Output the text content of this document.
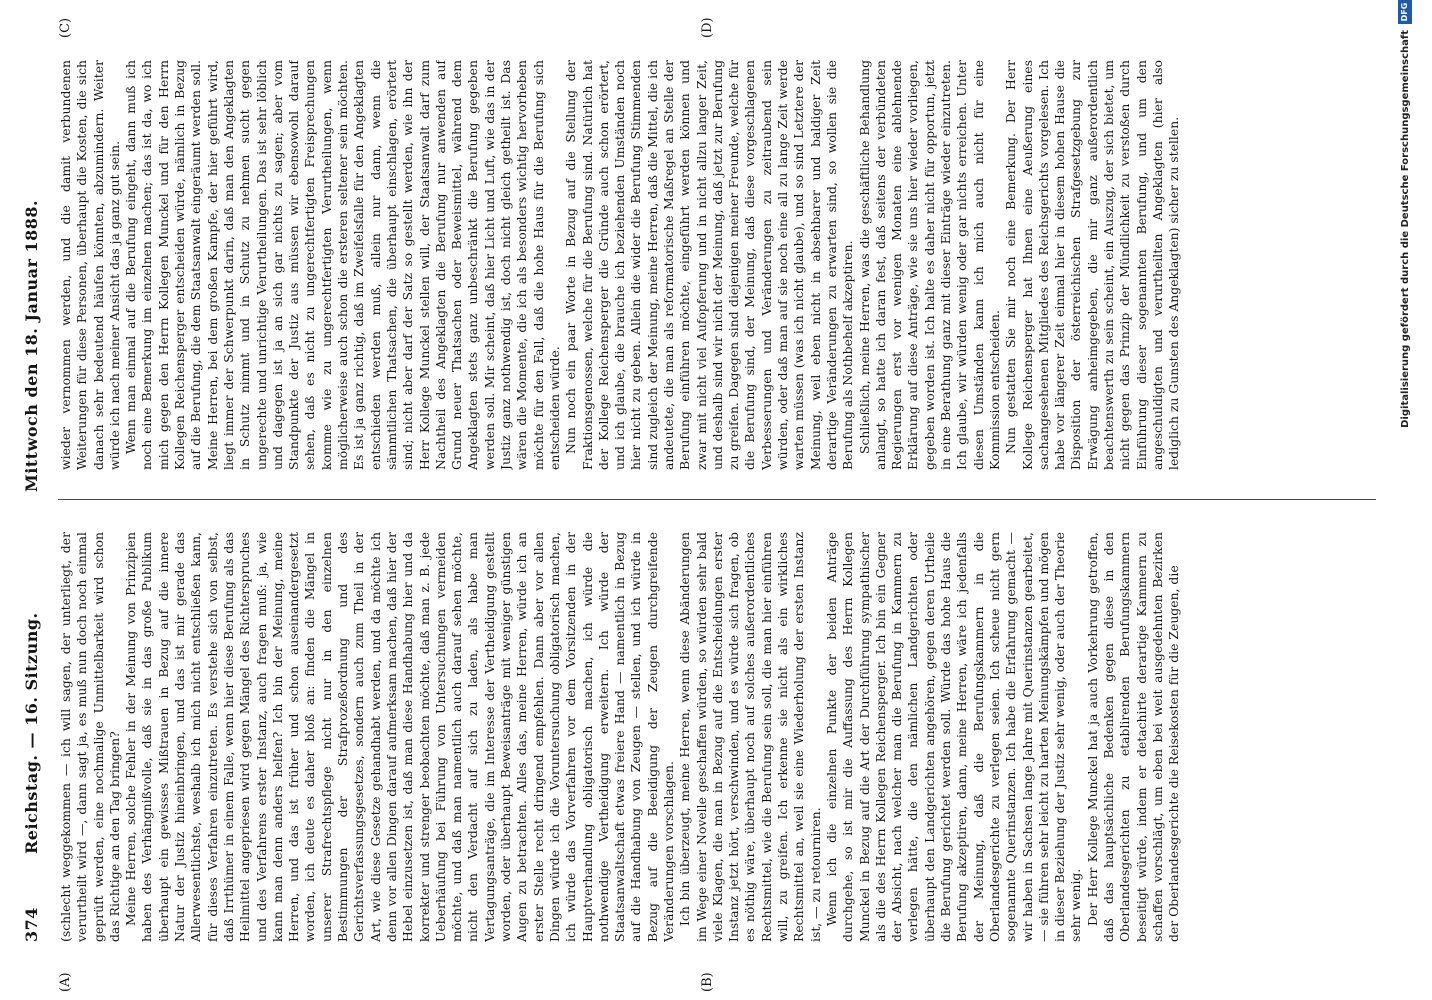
374
Reichstag. — 16. Sitzung.
Mittwoch den 18. Januar 1888.

(schlecht weggekommen — ich will sagen, der unterliegt, der verurtheilt wird —, dann sagt ja, es muß nun doch noch einmal geprüft werden, eine nochmalige Unmittelbarkeit wird schon das Richtige an den Tag bringen? Meine Herren, solche Fehler in der Meinung von Prinzipien haben des Verhängnißvolle, daß sie in das große Publikum überhaupt ein gewisses Mißtrauen in Bezug auf die innere Natur der Justiz hineinbringen, und das ist mir gerade das Allerwesentlichste, weshalb ich mich nicht entschließen kann, für dieses Verfahren einzutreten. Es verstehe sich von selbst, daß Irrthümer in einem Falle, wenn hier diese Berufung als das Heilmittel angepriesen wird gegen Mängel des Richterspruches und des Verfahrens erster Instanz, auch fragen muß: ja, wie kann man denn anders helfen? Ich bin der Meinung, meine Herren, und das ist früher und schon auseinandergesetzt worden, ich deute es daher bloß an: finden die Mängel in unserer Strafrechtspflege nicht nur in den einzelnen Bestimmungen der Strafprozeßordnung und des Gerichtsverfassungsgesetzes, sondern auch zum Theil in der Art, wie diese Gesetze gehandhabt werden, und da möchte ich denn vor allen Dingen darauf aufmerksam machen, daß hier der Hebel einzusetzen ist, daß man diese Handhabung hier und da korrekter und strenger beobachten möchte, daß man z. B. jede Ueberhäufung bei Führung von Untersuchungen vermeiden möchte, und daß man namentlich auch darauf sehen möchte, nicht den Verdacht auf sich zu laden, als habe man Vertagungsanträge, die im Interesse der Vertheidigung gestellt worden, oder überhaupt Beweisanträge mit weniger günstigen Augen zu betrachten. Alles das, meine Herren, würde ich an erster Stelle recht dringend empfehlen. Dann aber vor allen Dingen würde ich die Voruntersuchung obligatorisch machen, ich würde das Vorverfahren vor dem Vorsitzenden in der Hauptverhandlung obligatorisch machen, ich würde die nothwendige Vertheidigung erweitern. Ich würde der Staatsanwaltschaft etwas freiere Hand — namentlich in Bezug auf die Handhabung von Zeugen — stellen, und ich würde in Bezug auf die Beeidigung der Zeugen durchgreifende Veränderungen vorschlagen. Ich bin überzeugt, meine Herren, wenn diese Abänderungen im Wege einer Novelle geschaffen würden, so würden sehr bald viele Klagen, die man in Bezug auf die Entscheidungen erster Instanz jetzt hört, verschwinden, und es würde sich fragen, ob es nöthig wäre, überhaupt noch auf solches außerordentliches Rechtsmittel, wie die Berufung sein soll, die man hier einführen will, zu greifen. Ich erkenne sie nicht als ein wirkliches Rechtsmittel an, weil sie eine Wiederholung der ersten Instanz ist, — zu retourniren. Wenn ich die einzelnen Punkte der beiden Anträge durchgehe, so ist mir die Auffassung des Herrn Kollegen Munckel in Bezug auf die Art der Durchführung sympathischer als die des Herrn Kollegen Reichensperger. Ich bin ein Gegner der Absicht, nach welcher man die Berufung in Kammern zu verlegen hätte, die den nämlichen Landgerichten oder überhaupt den Landgerichten angehören, gegen deren Urtheile die Berufung gerichtet werden soll. Würde das hohe Haus die Berufung akzeptiren, dann, meine Herren, wäre ich jedenfalls der Meinung, daß die Berufungskammern in die Oberlandesgerichte zu verlegen seien. Ich scheue nicht gern sogenannte Querinstanzen. Ich habe die Erfahrung gemacht — wir haben in Sachsen lange Jahre mit Querinstanzen gearbeitet, — sie führen sehr leicht zu harten Meinungskämpfen und mögen in dieser Beziehung der Justiz sehr wenig, oder auch der Theorie sehr wenig. Der Herr Kollege Munckel hat ja auch Vorkehrung getroffen, daß das hauptsächliche Bedenken gegen diese in den Oberlandesgerichten zu etablirenden Berufungskammern beseitigt würde, indem er detachirte derartige Kammern zu schaffen vorschlägt, um eben bei weit ausgedehnten Bezirken der Oberlandesgerichte die Reisekosten für die Zeugen, die

wieder vernommen werden, und die damit verbundenen Weiterungen für diese Personen, überhaupt die Kosten, die sich danach sehr bedeutend häufen könnten, abzumindern. Weiter würde ich nach meiner Ansicht das ja ganz gut sein. Wenn man einmal auf die Berufung eingeht, dann muß ich noch eine Bemerkung im einzelnen machen; das ist da, wo ich mich gegen den Herrn Kollegen Munckel und für den Herrn Kollegen Reichensperger entscheiden würde, nämlich in Bezug auf die Berufung, die dem Staatsanwalt eingeräumt werden soll. Meine Herren, bei dem großen Kampfe, der hier geführt wird, liegt immer der Schwerpunkt darin, daß man den Angeklagten in Schutz nimmt und in Schutz zu nehmen sucht gegen ungerechte und unrichtige Verurtheilungen. Das ist sehr löblich und dagegen ist ja an sich gar nichts zu sagen; aber vom Standpunkte der Justiz aus müssen wir ebensowohl darauf sehen, daß es nicht zu ungerechtfertigten Freisprechungen komme wie zu ungerechtfertigten Verurtheilungen, wenn möglicherweise auch schon die ersteren seltener sein möchten. Es ist ja ganz richtig, daß im Zweifelsfalle für den Angeklagten entschieden werden muß, allein nur dann, wenn die sämmtlichen Thatsachen, die überhaupt einschlagen, erörtert sind; nicht aber darf der Satz so gestellt werden, wie ihn der Herr Kollege Munckel stellen will, der Staatsanwalt darf zum Nachtheil des Angeklagten die Berufung nur anwenden auf Grund neuer Thatsachen oder Beweismittel, während dem Angeklagten stets ganz unbeschränkt die Berufung gegeben werden soll. Mir scheint, daß hier Licht und Luft, wie das in der Justiz ganz nothwendig ist, doch nicht gleich getheilt ist. Das wären die Momente, die ich als besonders wichtig hervorheben möchte für den Fall, daß die hohe Haus für die Berufung sich entscheiden würde. Nun noch ein paar Worte in Bezug auf die Stellung der Fraktionsgenossen, welche für die Berufung sind. Natürlich hat der Kollege Reichensperger die Gründe auch schon erörtert, und ich glaube, die brauche ich beziehenden Umständen noch hier nicht zu geben. Allein die wider die Berufung Stimmenden sind zugleich der Meinung, meine Herren, daß die Mittel, die ich andeutete, die man als reformatorische Maßregel an Stelle der Berufung einführen möchte, eingeführt werden können und zwar mit nicht viel Aufopferung und in nicht allzu langer Zeit, und deshalb sind wir nicht der Meinung, daß jetzt zur Berufung zu greifen. Dagegen sind diejenigen meiner Freunde, welche für die Berufung sind, der Meinung, daß diese vorgeschlagenen Verbesserungen und Veränderungen zu zeitraubend sein würden, oder daß man auf sie noch eine all zu lange Zeit werde warten müssen (was ich nicht glaube), und so sind Letztere der Meinung, weil eben nicht in absehbarer und baldiger Zeit derartige Veränderungen zu erwarten sind, so wollen sie die Berufung als Nothbehelf akzeptiren. Schließlich, meine Herren, was die geschäftliche Behandlung anlangt, so hatte ich daran fest, daß seitens der verbündeten Regierungen erst vor wenigen Monaten eine ablehnende Erklärung auf diese Anträge, wie sie uns hier wieder vorliegen, gegeben worden ist. Ich halte es daher nicht für opportun, jetzt in eine Berathung ganz mit dieser Einträge wieder einzutreten. Ich glaube, wir würden wenig oder gar nichts erreichen. Unter diesen Umständen kann ich mich auch nicht für eine Kommission entscheiden. Nun gestatten Sie mir noch eine Bemerkung. Der Herr Kollege Reichensperger hat Ihnen eine Aeußerung eines sachangesehenen Mitgliedes des Reichsgerichts vorgelesen. Ich habe vor längerer Zeit einmal hier in diesem hohen Hause die Disposition der österreichischen Strafgesetzgebung zur Erwägung anheimgegeben, die mir ganz außerordentlich beachtenswerth zu sein scheint, ein Auszug, der sich bietet, um nicht gegen das Prinzip der Mündlichkeit zu verstoßen durch Einführung dieser sogenannten Berufung, und um den angeschuldigten und verurtheilten Angeklagten (hier also lediglich zu Gunsten des Angeklagten) sicher zu stellen.

(A)	(B)
(C)	(D)
Digitalisierung gefördert durch die Deutsche Forschungsgemeinschaft
DFG
